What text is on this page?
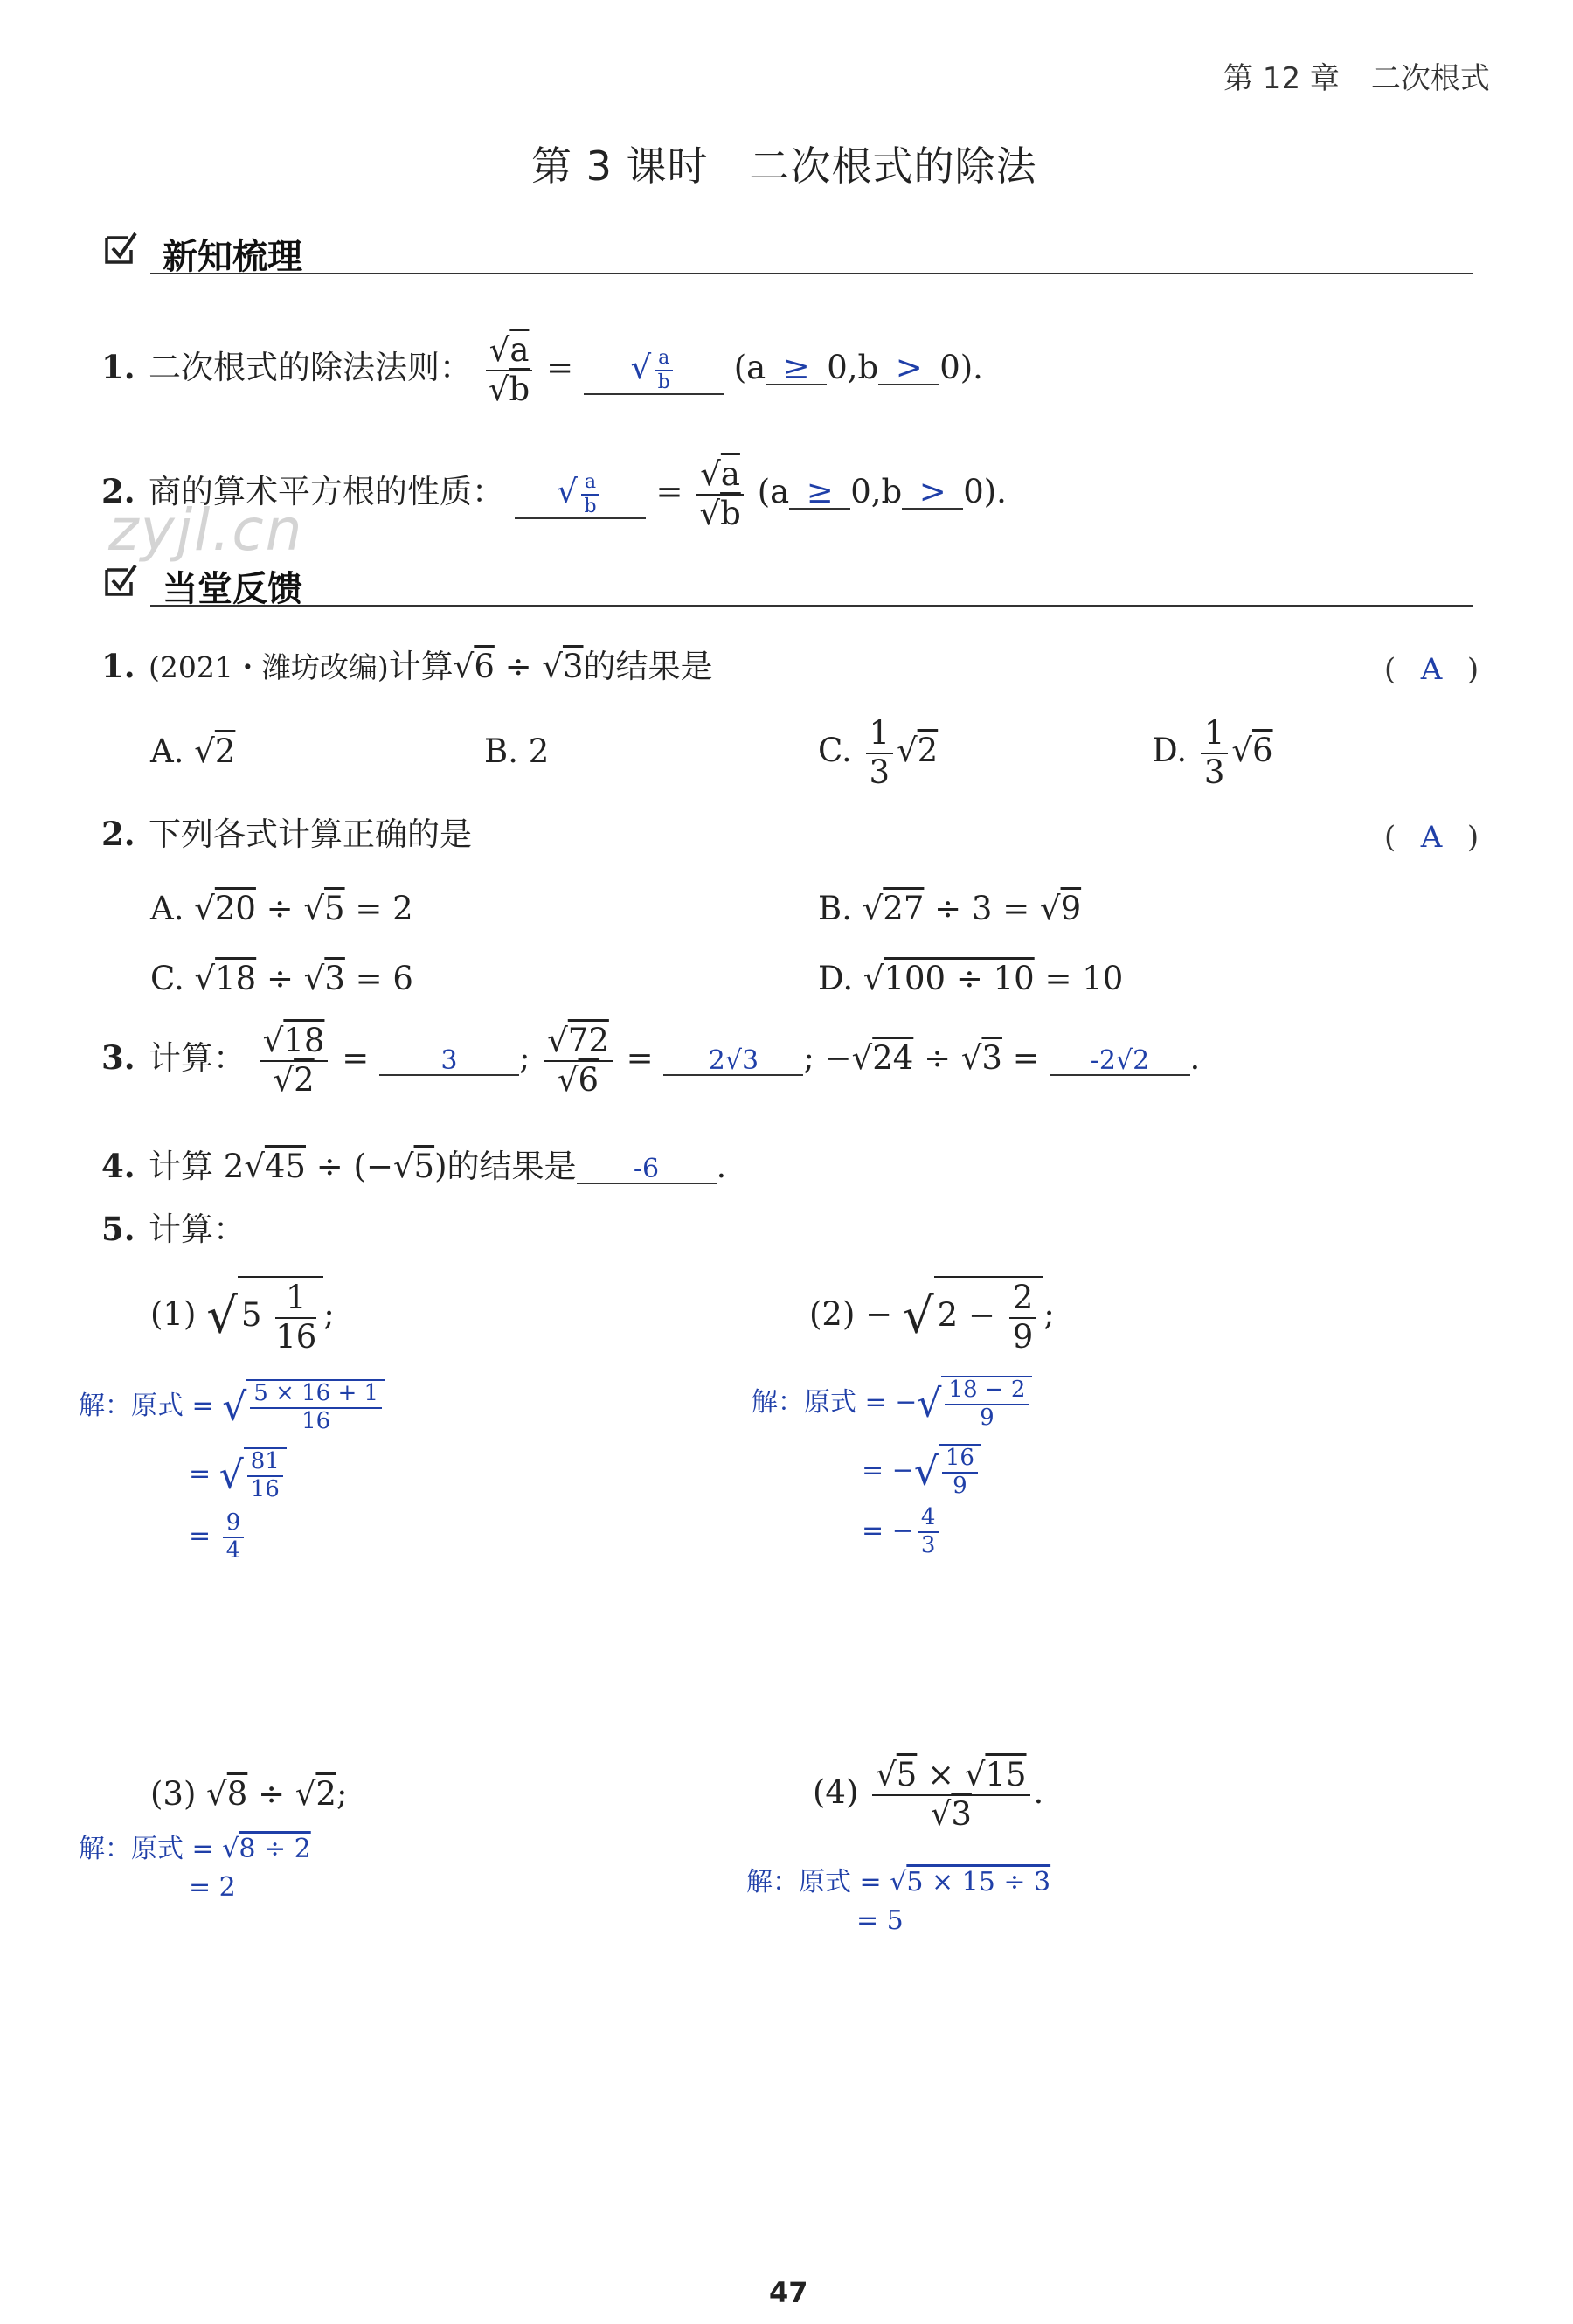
第 12 章 二次根式
第 3 课时　二次根式的除法
新知梳理
1. 二次根式的除法法则： $\frac{√a}{√b}$ = √ $\frac{a}{b} (a \ge 0,b > 0)$.
2. 商的算术平方根的性质： √ $\frac{a}{b} = \frac{√a}{√b} (a \ge 0,b > 0)$.
zyjl.cn
当堂反馈
1. (2021・潍坊改编)计算√6 ÷ √3的结果是	( A )
A. √2	B. 2	C. $\frac{1}{3} √2$	D. $\frac{1}{3} √6$
2. 下列各式计算正确的是	( A )
A. √20 ÷ √5 = 2	B. √27 ÷ 3 = √9
C. √18 ÷ √3 = 6	D. √100 ÷ 10 = 10
3. 计算： $\frac{√18}{√2} = 3$ ; $\frac{√72}{√6} = 2√3$ ; −√24 ÷ √3 = -2√2 .
4. 计算 2√45 ÷ (−√5)的结果是 -6 .
5. 计算：
(1) √ $5 \frac{1}{16}$ ;
解：原式 = √ $\frac{5 \times 16 + 1}{16}$
= √ $\frac{81}{16}$
= $\frac{9}{4}$
(2) − √ $2 - \frac{2}{9}$ ;
解：原式 = −√ $\frac{18 - 2}{9}$
= −√ $\frac{16}{9}$
= − $\frac{4}{3}$
(3) √8 ÷ √2;
解：原式 = √8 ÷ 2
= 2
$(4) \frac{√5 \times √15}{√3}$ .
解：原式 = √5 × 15 ÷ 3
= 5
47
